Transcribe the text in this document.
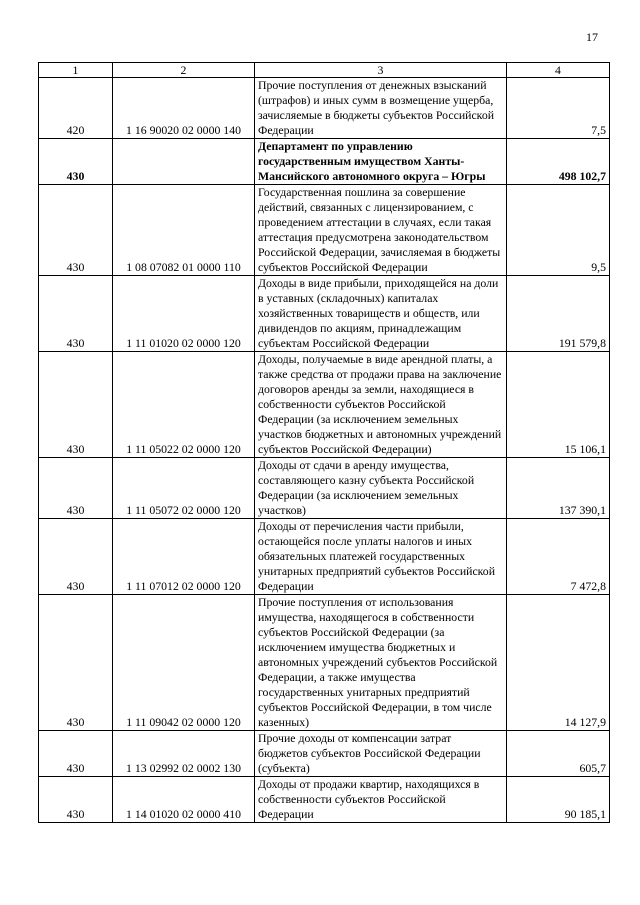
17
1	2	3	4
420	1 16 90020 02 0000 140	Прочие поступления от денежных взысканий (штрафов) и иных сумм в возмещение ущерба, зачисляемые в бюджеты субъектов Российской Федерации	7,5
430		Департамент по управлению государственным имуществом Ханты-Мансийского автономного округа – Югры	498 102,7
430	1 08 07082 01 0000 110	Государственная пошлина за совершение действий, связанных с лицензированием, с проведением аттестации в случаях, если такая аттестация предусмотрена законодательством Российской Федерации, зачисляемая в бюджеты субъектов Российской Федерации	9,5
430	1 11 01020 02 0000 120	Доходы в виде прибыли, приходящейся на доли в уставных (складочных) капиталах хозяйственных товариществ и обществ, или дивидендов по акциям, принадлежащим субъектам Российской Федерации	191 579,8
430	1 11 05022 02 0000 120	Доходы, получаемые в виде арендной платы, а также средства от продажи права на заключение договоров аренды за земли, находящиеся в собственности субъектов Российской Федерации (за исключением земельных участков бюджетных и автономных учреждений субъектов Российской Федерации)	15 106,1
430	1 11 05072 02 0000 120	Доходы от сдачи в аренду имущества, составляющего казну субъекта Российской Федерации (за исключением земельных участков)	137 390,1
430	1 11 07012 02 0000 120	Доходы от перечисления части прибыли, остающейся после уплаты налогов и иных обязательных платежей государственных унитарных предприятий субъектов Российской Федерации	7 472,8
430	1 11 09042 02 0000 120	Прочие поступления от использования имущества, находящегося в собственности субъектов Российской Федерации (за исключением имущества бюджетных и автономных учреждений субъектов Российской Федерации, а также имущества государственных унитарных предприятий субъектов Российской Федерации, в том числе казенных)	14 127,9
430	1 13 02992 02 0002 130	Прочие доходы от компенсации затрат бюджетов субъектов Российской Федерации (субъекта)	605,7
430	1 14 01020 02 0000 410	Доходы от продажи квартир, находящихся в собственности субъектов Российской Федерации	90 185,1
